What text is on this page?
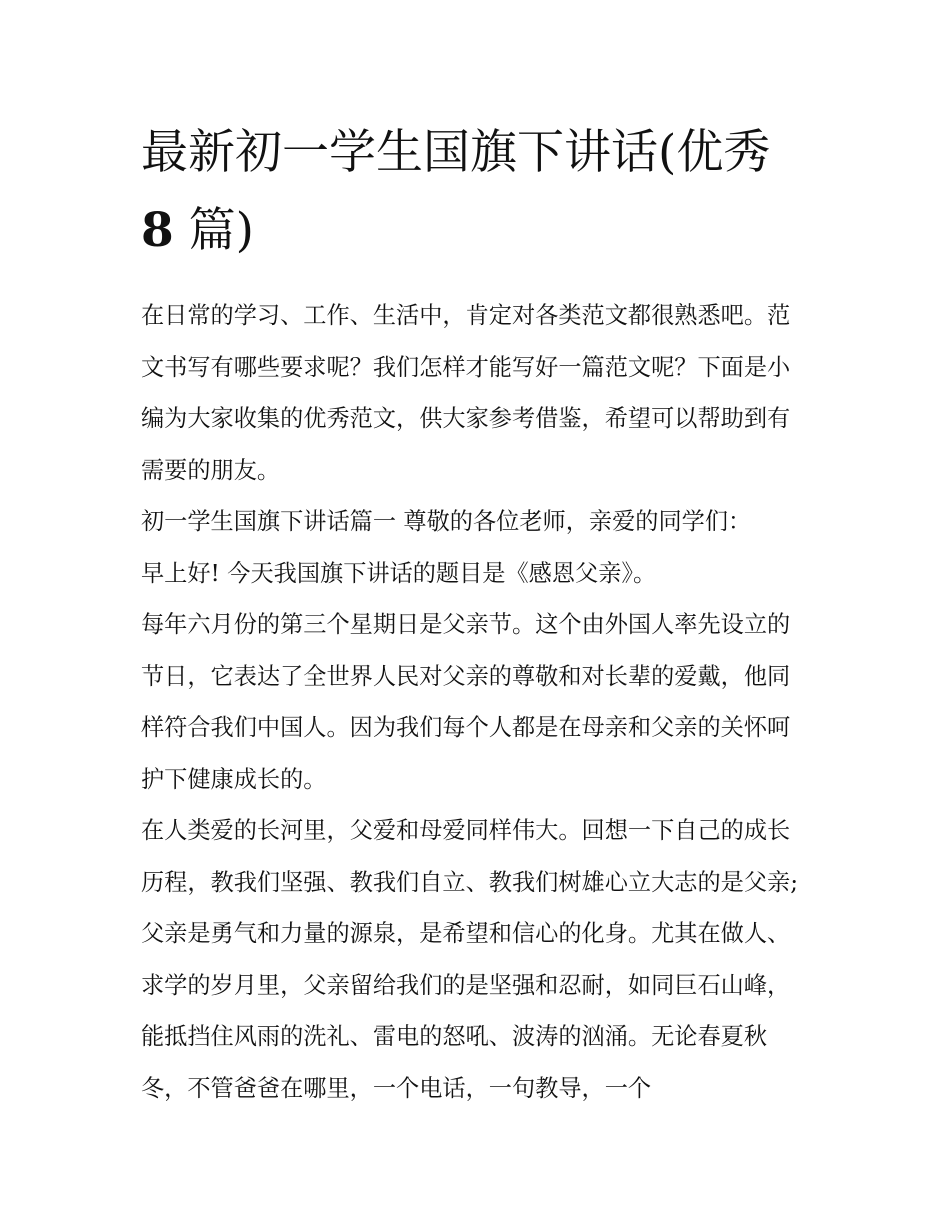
最新初一学生国旗下讲话(优秀
8 篇)

在日常的学习、工作、生活中，肯定对各类范文都很熟悉吧。范文书写有哪些要求呢？我们怎样才能写好一篇范文呢？下面是小编为大家收集的优秀范文，供大家参考借鉴，希望可以帮助到有需要的朋友。

初一学生国旗下讲话篇一 尊敬的各位老师，亲爱的同学们：

早上好! 今天我国旗下讲话的题目是《感恩父亲》。

每年六月份的第三个星期日是父亲节。这个由外国人率先设立的节日，它表达了全世界人民对父亲的尊敬和对长辈的爱戴，他同样符合我们中国人。因为我们每个人都是在母亲和父亲的关怀呵护下健康成长的。

在人类爱的长河里，父爱和母爱同样伟大。回想一下自己的成长历程，教我们坚强、教我们自立、教我们树雄心立大志的是父亲;父亲是勇气和力量的源泉，是希望和信心的化身。尤其在做人、求学的岁月里，父亲留给我们的是坚强和忍耐，如同巨石山峰，能抵挡住风雨的洗礼、雷电的怒吼、波涛的汹涌。无论春夏秋冬，不管爸爸在哪里，一个电话，一句教导，一个
